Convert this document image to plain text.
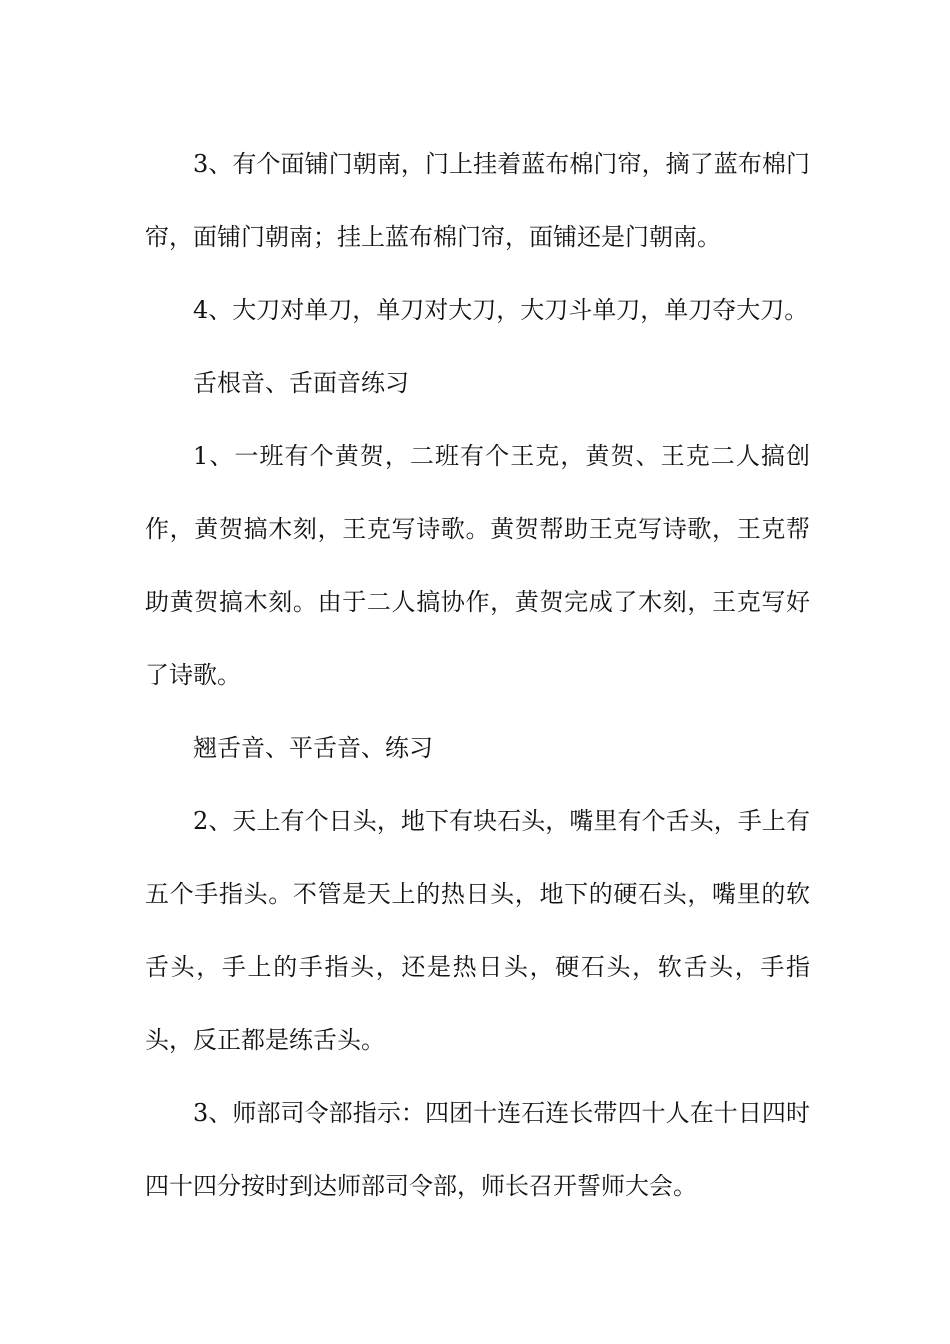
3、有个面铺门朝南，门上挂着蓝布棉门帘，摘了蓝布棉门帘，面铺门朝南；挂上蓝布棉门帘，面铺还是门朝南。

4、大刀对单刀，单刀对大刀，大刀斗单刀，单刀夺大刀。

舌根音、舌面音练习

1、一班有个黄贺，二班有个王克，黄贺、王克二人搞创作，黄贺搞木刻，王克写诗歌。黄贺帮助王克写诗歌，王克帮助黄贺搞木刻。由于二人搞协作，黄贺完成了木刻，王克写好了诗歌。

翘舌音、平舌音、练习

2、天上有个日头，地下有块石头，嘴里有个舌头，手上有五个手指头。不管是天上的热日头，地下的硬石头，嘴里的软舌头，手上的手指头，还是热日头，硬石头，软舌头，手指头，反正都是练舌头。

3、师部司令部指示：四团十连石连长带四十人在十日四时四十四分按时到达师部司令部，师长召开誓师大会。
